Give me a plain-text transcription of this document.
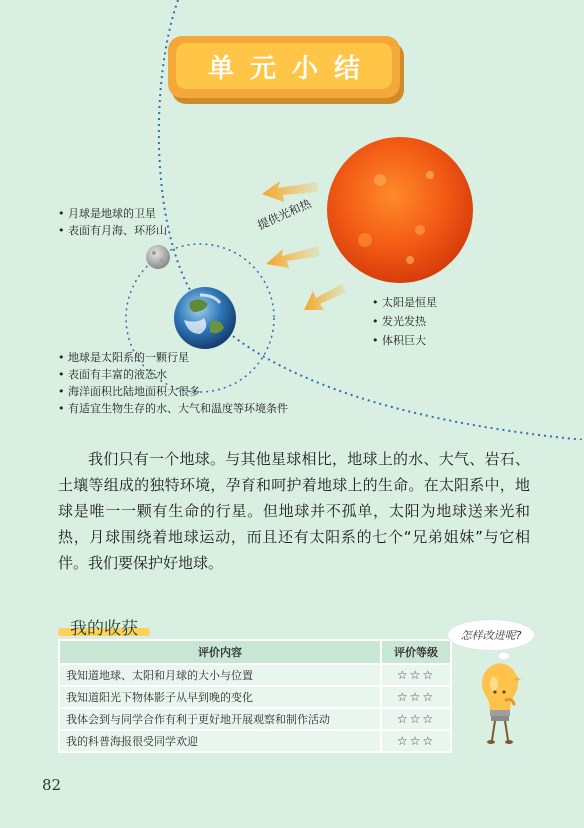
单元小结
提供光和热
• 月球是地球的卫星
• 表面有月海、环形山
• 地球是太阳系的一颗行星
• 表面有丰富的液态水
• 海洋面积比陆地面积大很多
• 有适宜生物生存的水、大气和温度等环境条件
• 太阳是恒星
• 发光发热
• 体积巨大
我们只有一个地球。与其他星球相比，地球上的水、大气、岩石、土壤等组成的独特环境，孕育和呵护着地球上的生命。在太阳系中，地球是唯一一颗有生命的行星。但地球并不孤单，太阳为地球送来光和热，月球围绕着地球运动，而且还有太阳系的七个“兄弟姐妹”与它相伴。我们要保护好地球。
我的收获
评价内容	评价等级
我知道地球、太阳和月球的大小与位置	☆☆☆
我知道阳光下物体影子从早到晚的变化	☆☆☆
我体会到与同学合作有利于更好地开展观察和制作活动	☆☆☆
我的科普海报很受同学欢迎	☆☆☆
怎样改进呢?
+
82
